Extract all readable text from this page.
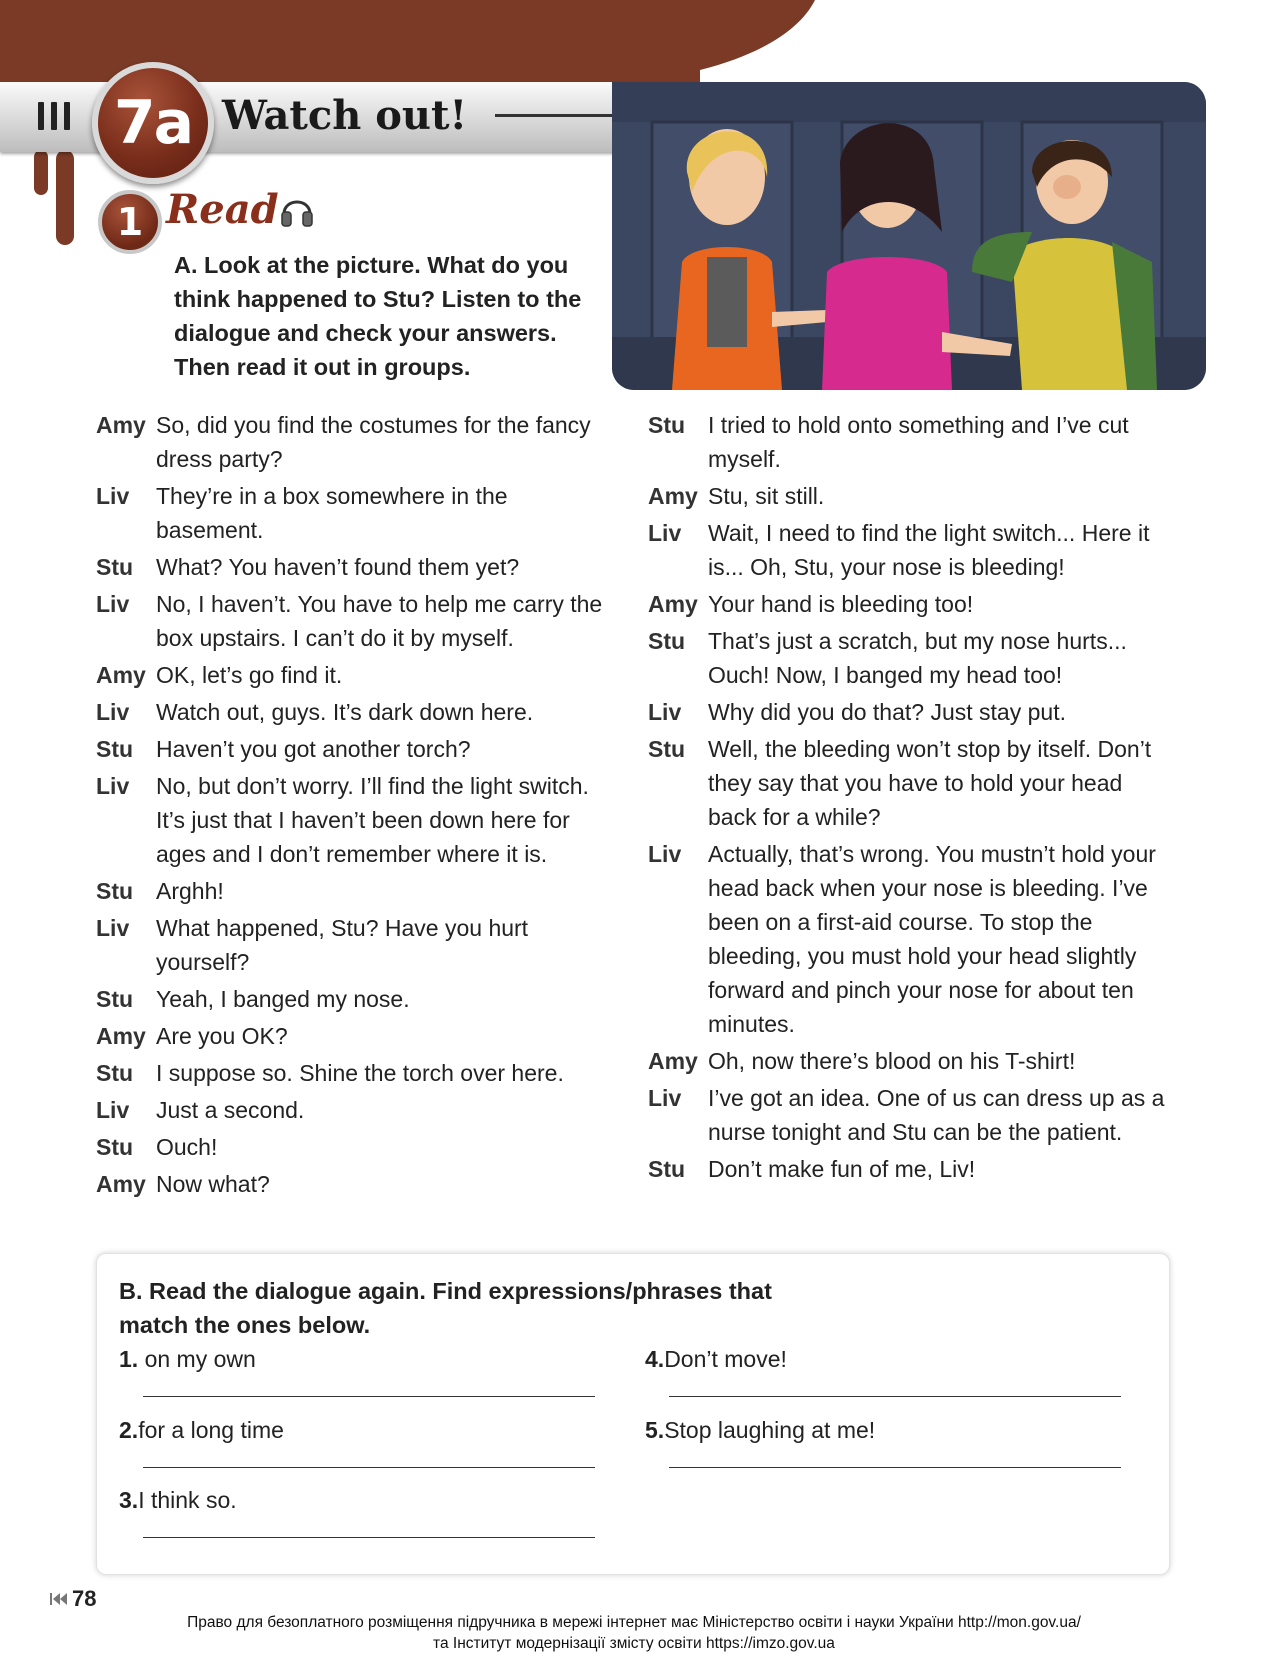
7a Watch out!
1 Read
A. Look at the picture. What do you think happened to Stu? Listen to the dialogue and check your answers. Then read it out in groups.
Amy So, did you find the costumes for the fancy dress party?
Liv	They’re in a box somewhere in the basement.
Stu What? You haven’t found them yet?
Liv	No, I haven’t. You have to help me carry the box upstairs. I can’t do it by myself.
Amy OK, let’s go find it.
Liv	Watch out, guys. It’s dark down here.
Stu Haven’t you got another torch?
Liv	No, but don’t worry. I’ll find the light switch. It’s just that I haven’t been down here for ages and I don’t remember where it is.
Stu Arghh!
Liv	What happened, Stu? Have you hurt yourself?
Stu Yeah, I banged my nose.
Amy Are you OK?
Stu I suppose so. Shine the torch over here.
Liv	Just a second.
Stu Ouch!
Amy Now what?
Stu I tried to hold onto something and I’ve cut myself.
Amy Stu, sit still.
Liv	Wait, I need to find the light switch... Here it is... Oh, Stu, your nose is bleeding!
Amy Your hand is bleeding too!
Stu That’s just a scratch, but my nose hurts... Ouch! Now, I banged my head too!
Liv	Why did you do that? Just stay put.
Stu Well, the bleeding won’t stop by itself. Don’t they say that you have to hold your head back for a while?
Liv	Actually, that’s wrong. You mustn’t hold your head back when your nose is bleeding. I’ve been on a first-aid course. To stop the bleeding, you must hold your head slightly forward and pinch your nose for about ten minutes.
Amy Oh, now there’s blood on his T-shirt!
Liv	I’ve got an idea. One of us can dress up as a nurse tonight and Stu can be the patient.
Stu Don’t make fun of me, Liv!
B. Read the dialogue again. Find expressions/phrases that match the ones below.
1. on my own
2.for a long time
3.I think so.
4.Don’t move!
5.Stop laughing at me!
78
Право для безоплатного розміщення підручника в мережі інтернет має Міністерство освіти і науки України http://mon.gov.ua/
та Інститут модернізації змісту освіти https://imzo.gov.ua
